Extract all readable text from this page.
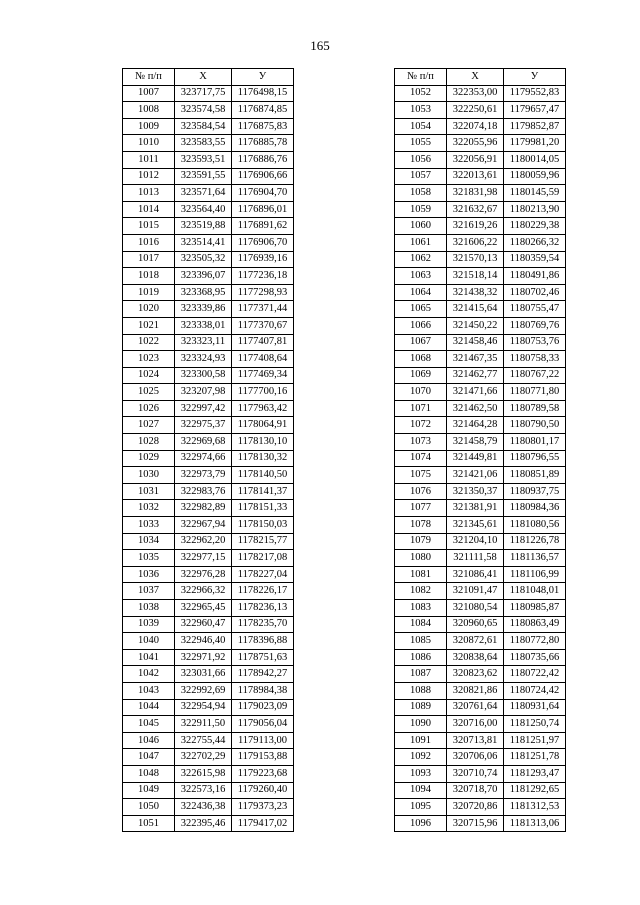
165
№ п/п	X	У
1007	323717,75	1176498,15
1008	323574,58	1176874,85
1009	323584,54	1176875,83
1010	323583,55	1176885,78
1011	323593,51	1176886,76
1012	323591,55	1176906,66
1013	323571,64	1176904,70
1014	323564,40	1176896,01
1015	323519,88	1176891,62
1016	323514,41	1176906,70
1017	323505,32	1176939,16
1018	323396,07	1177236,18
1019	323368,95	1177298,93
1020	323339,86	1177371,44
1021	323338,01	1177370,67
1022	323323,11	1177407,81
1023	323324,93	1177408,64
1024	323300,58	1177469,34
1025	323207,98	1177700,16
1026	322997,42	1177963,42
1027	322975,37	1178064,91
1028	322969,68	1178130,10
1029	322974,66	1178130,32
1030	322973,79	1178140,50
1031	322983,76	1178141,37
1032	322982,89	1178151,33
1033	322967,94	1178150,03
1034	322962,20	1178215,77
1035	322977,15	1178217,08
1036	322976,28	1178227,04
1037	322966,32	1178226,17
1038	322965,45	1178236,13
1039	322960,47	1178235,70
1040	322946,40	1178396,88
1041	322971,92	1178751,63
1042	323031,66	1178942,27
1043	322992,69	1178984,38
1044	322954,94	1179023,09
1045	322911,50	1179056,04
1046	322755,44	1179113,00
1047	322702,29	1179153,88
1048	322615,98	1179223,68
1049	322573,16	1179260,40
1050	322436,38	1179373,23
1051	322395,46	1179417,02
№ п/п	X	У
1052	322353,00	1179552,83
1053	322250,61	1179657,47
1054	322074,18	1179852,87
1055	322055,96	1179981,20
1056	322056,91	1180014,05
1057	322013,61	1180059,96
1058	321831,98	1180145,59
1059	321632,67	1180213,90
1060	321619,26	1180229,38
1061	321606,22	1180266,32
1062	321570,13	1180359,54
1063	321518,14	1180491,86
1064	321438,32	1180702,46
1065	321415,64	1180755,47
1066	321450,22	1180769,76
1067	321458,46	1180753,76
1068	321467,35	1180758,33
1069	321462,77	1180767,22
1070	321471,66	1180771,80
1071	321462,50	1180789,58
1072	321464,28	1180790,50
1073	321458,79	1180801,17
1074	321449,81	1180796,55
1075	321421,06	1180851,89
1076	321350,37	1180937,75
1077	321381,91	1180984,36
1078	321345,61	1181080,56
1079	321204,10	1181226,78
1080	321111,58	1181136,57
1081	321086,41	1181106,99
1082	321091,47	1181048,01
1083	321080,54	1180985,87
1084	320960,65	1180863,49
1085	320872,61	1180772,80
1086	320838,64	1180735,66
1087	320823,62	1180722,42
1088	320821,86	1180724,42
1089	320761,64	1180931,64
1090	320716,00	1181250,74
1091	320713,81	1181251,97
1092	320706,06	1181251,78
1093	320710,74	1181293,47
1094	320718,70	1181292,65
1095	320720,86	1181312,53
1096	320715,96	1181313,06
